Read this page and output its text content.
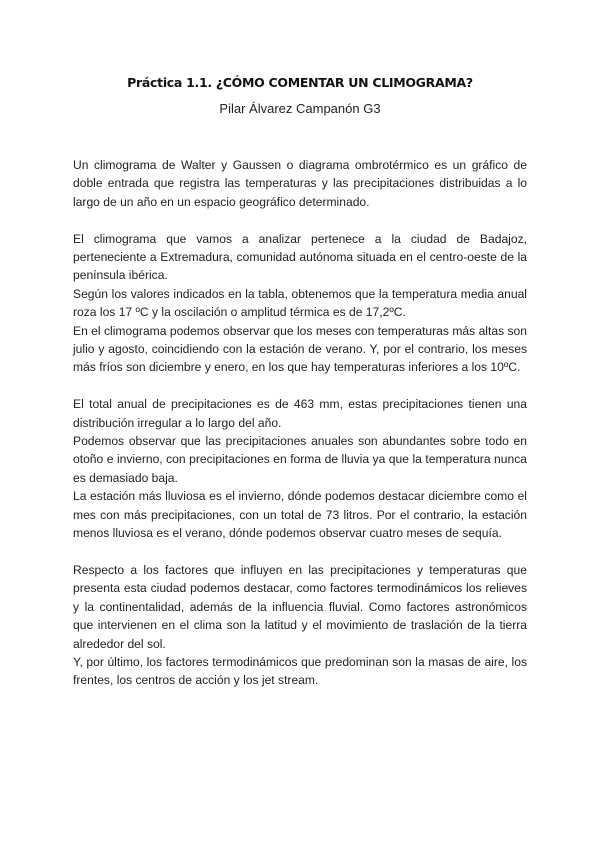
Práctica 1.1. ¿CÓMO COMENTAR UN CLIMOGRAMA?
Pilar Álvarez Campanón G3

Un climograma de Walter y Gaussen o diagrama ombrotérmico es un gráfico de doble entrada que registra las temperaturas y las precipitaciones distribuidas a lo largo de un año en un espacio geográfico determinado.

El climograma que vamos a analizar pertenece a la ciudad de Badajoz, perteneciente a Extremadura, comunidad autónoma situada en el centro-oeste de la península ibérica.

Según los valores indicados en la tabla, obtenemos que la temperatura media anual roza los 17 ºC y la oscilación o amplitud térmica es de 17,2ºC.

En el climograma podemos observar que los meses con temperaturas más altas son julio y agosto, coincidiendo con la estación de verano. Y, por el contrario, los meses más fríos son diciembre y enero, en los que hay temperaturas inferiores a los 10ºC.

El total anual de precipitaciones es de 463 mm, estas precipitaciones tienen una distribución irregular a lo largo del año.

Podemos observar que las precipitaciones anuales son abundantes sobre todo en otoño e invierno, con precipitaciones en forma de lluvia ya que la temperatura nunca es demasiado baja.

La estación más lluviosa es el invierno, dónde podemos destacar diciembre como el mes con más precipitaciones, con un total de 73 litros. Por el contrario, la estación menos lluviosa es el verano, dónde podemos observar cuatro meses de sequía.

Respecto a los factores que influyen en las precipitaciones y temperaturas que presenta esta ciudad podemos destacar, como factores termodinámicos los relieves y la continentalidad, además de la influencia fluvial. Como factores astronómicos que intervienen en el clima son la latitud y el movimiento de traslación de la tierra alrededor del sol.

Y, por último, los factores termodinámicos que predominan son la masas de aire, los frentes, los centros de acción y los jet stream.
